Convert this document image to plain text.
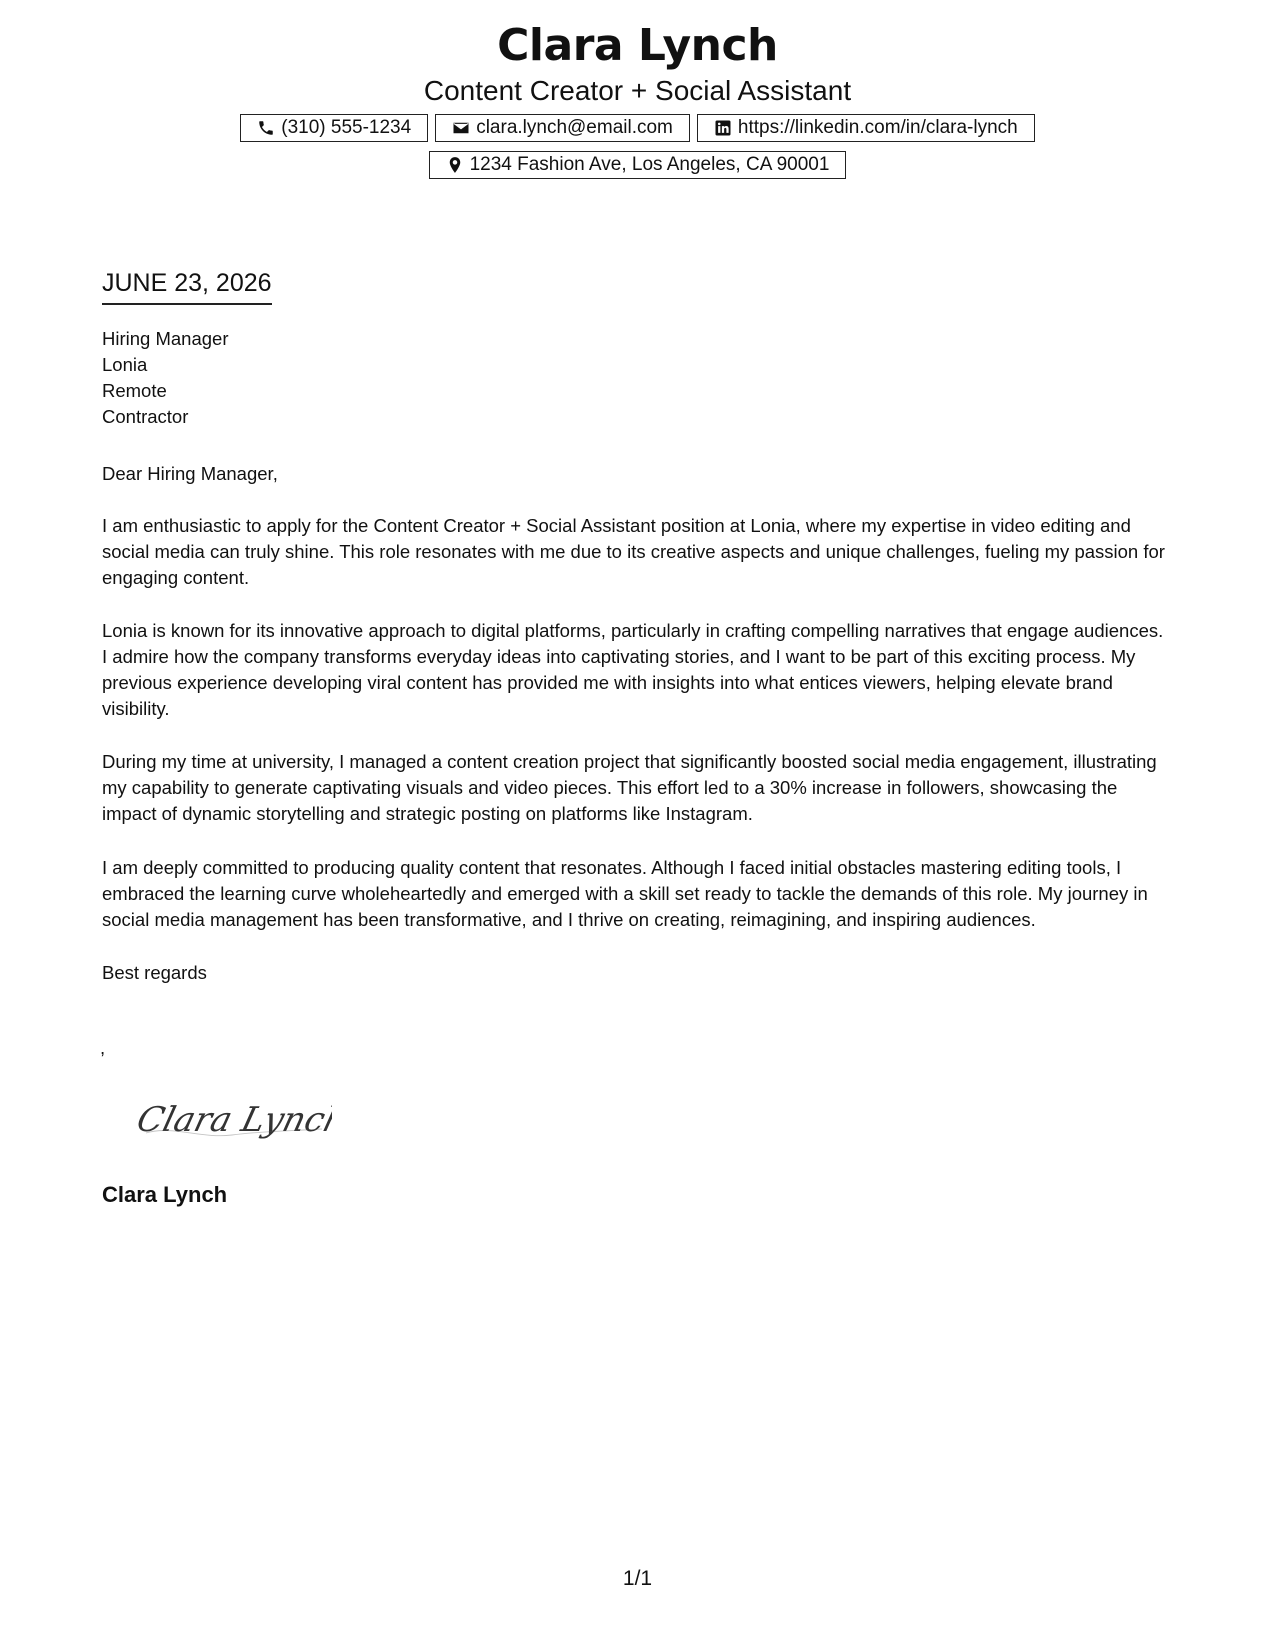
Clara Lynch
Content Creator + Social Assistant
(310) 555-1234	clara.lynch@email.com	https://linkedin.com/in/clara-lynch
1234 Fashion Ave, Los Angeles, CA 90001
JUNE 23, 2026
Hiring Manager
Lonia
Remote
Contractor
Dear Hiring Manager,

I am enthusiastic to apply for the Content Creator + Social Assistant position at Lonia, where my expertise in video editing and social media can truly shine. This role resonates with me due to its creative aspects and unique challenges, fueling my passion for engaging content.

Lonia is known for its innovative approach to digital platforms, particularly in crafting compelling narratives that engage audiences. I admire how the company transforms everyday ideas into captivating stories, and I want to be part of this exciting process. My previous experience developing viral content has provided me with insights into what entices viewers, helping elevate brand visibility.

During my time at university, I managed a content creation project that significantly boosted social media engagement, illustrating my capability to generate captivating visuals and video pieces. This effort led to a 30% increase in followers, showcasing the impact of dynamic storytelling and strategic posting on platforms like Instagram.

I am deeply committed to producing quality content that resonates. Although I faced initial obstacles mastering editing tools, I embraced the learning curve wholeheartedly and emerged with a skill set ready to tackle the demands of this role. My journey in social media management has been transformative, and I thrive on creating, reimagining, and inspiring audiences.

Best regards
,
Clara Lynch
Clara Lynch
1/1
